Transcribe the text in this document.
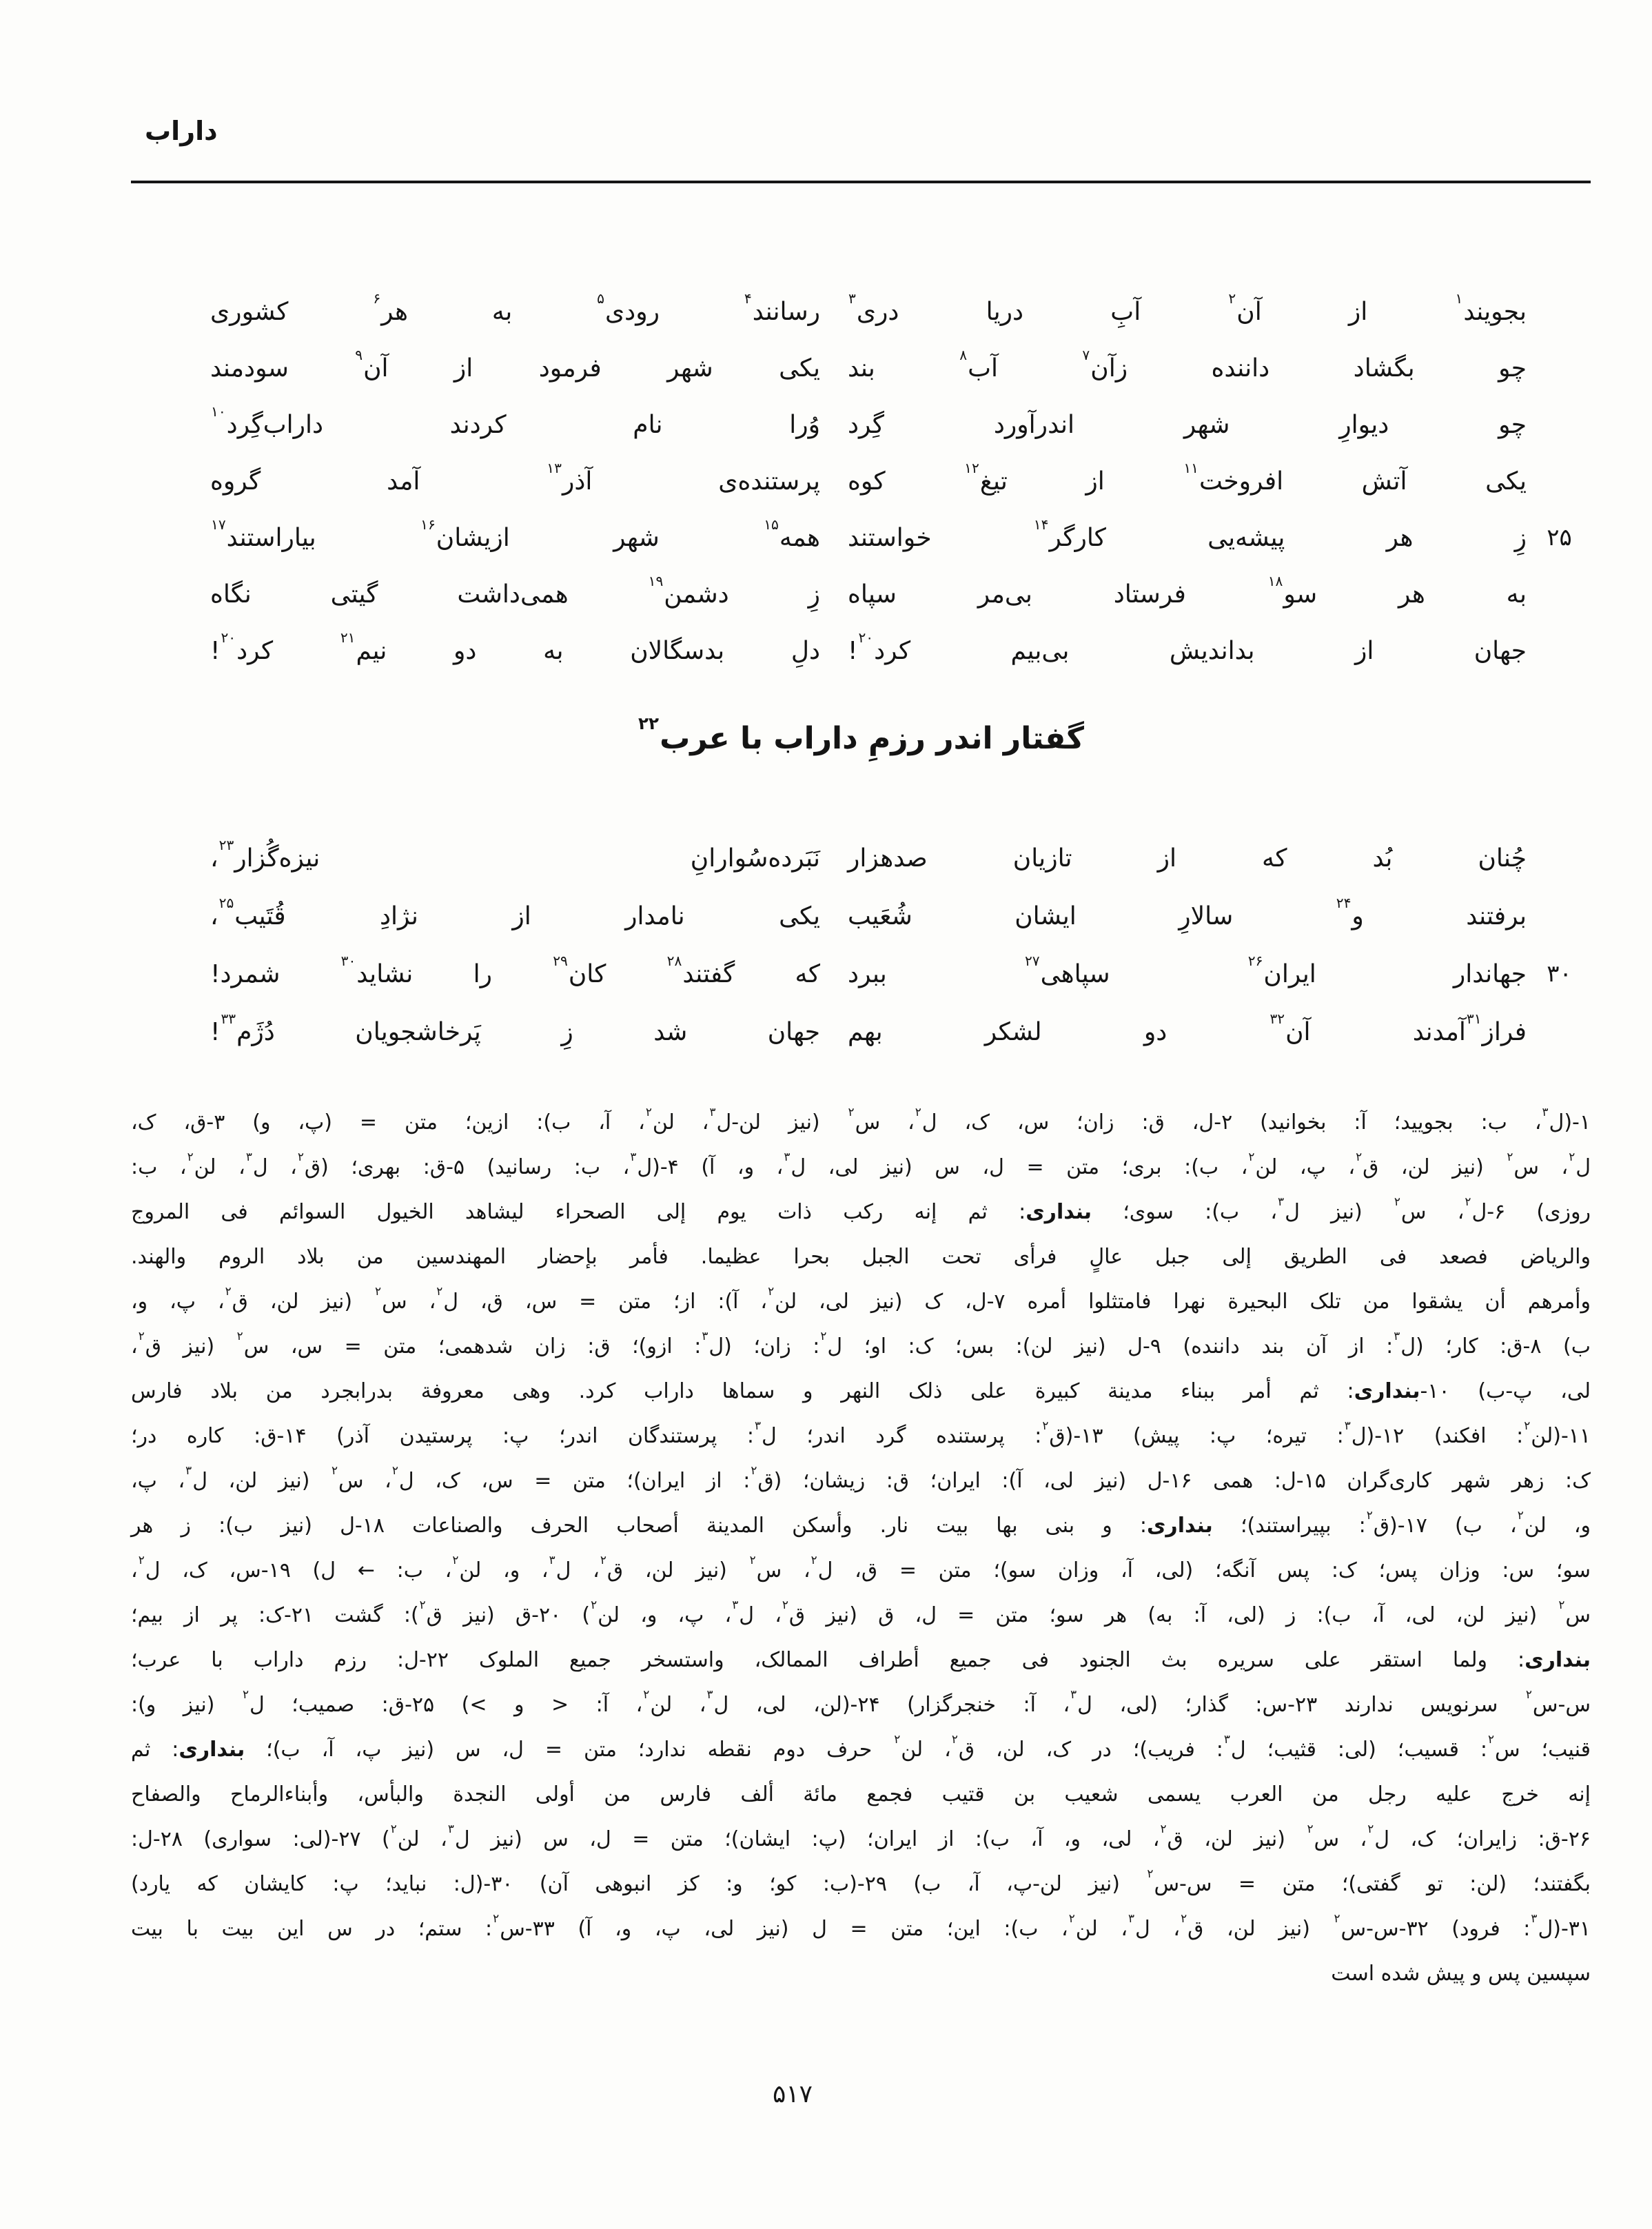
داراب
بجویند$^۱$
از
آن$^۲$
آبِ
دریا
دری$^۳$
رسانند$^۴$
رودی$^۵$
به
هر$^۶$
کشوری
چو
بگشاد
داننده
زآن$^۷$
آب$^۸$
بند
یکی
شهر
فرمود
از
آن$^۹$
سودمند
چو
دیوارِ
شهر
اندرآورد
گِرد
وُرا
نام
کردند
داراب‌گِرد$^{۱۰}$
یکی
آتش
افروخت$^{۱۱}$
از
تیغ$^{۱۲}$
کوه
پرستنده‌ی
آذر$^{۱۳}$
آمد
گروه
۲۵
زِ
هر
پیشه‌یی
کارگر$^{۱۴}$
خواستند
همه$^{۱۵}$
شهر
ازیشان$^{۱۶}$
بیاراستند$^{۱۷}$
به
هر
سو$^{۱۸}$
فرستاد
بی‌مر
سپاه
زِ
دشمن$^{۱۹}$
همی‌داشت
گیتی
نگاه
جهان
از
بداندیش
بی‌بیم
کرد$^{۲۰}$!
دلِ
بدسگالان
به
دو
نیم$^{۲۱}$
کرد$^{۲۰}$!
گفتار اندر رزمِ داراب با عرب$^{۲۲}$
چُنان
بُد
که
از
تازیان
صدهزار
نَبَرده‌سُوارانِ
نیزه‌گُزار$^{۲۳}$،
برفتند
و$^{۲۴}$
سالارِ
ایشان
شُعَیب
یکی
نامدار
از
نژادِ
قُتَیب$^{۲۵}$،
۳۰
جهاندار
ایران$^{۲۶}$
سپاهی$^{۲۷}$
ببرد
که
گفتند$^{۲۸}$
کان$^{۲۹}$
را
نشاید$^{۳۰}$
شمرد!
فراز$^{۳۱}$آمدند
آن$^{۳۲}$
دو
لشکر
بهم
جهان
شد
زِ
پَرخاشجویان
دُژَم$^{۳۳}$!
۱-(ل$^۳$، ب: بجویید؛ آ: بخوانید) ۲-ل، ق: زان؛ س، ک، ل$^۲$، س$^۲$ (نیز لن-ل$^۳$، لن$^۲$، آ، ب): ازین؛ متن = (پ، و) ۳-ق، ک،
ل$^۲$، س$^۲$ (نیز لن، ق$^۲$، پ، لن$^۲$، ب): بری؛ متن = ل، س (نیز لی، ل$^۳$، و، آ) ۴-(ل$^۳$، ب: رسانید) ۵-ق: بهری؛ (ق$^۲$، ل$^۳$، لن$^۲$، ب:
روزی) ۶-ل$^۲$، س$^۲$ (نیز ل$^۳$، ب): سوی؛ بنداری: ثم إنه رکب ذات یوم إلی الصحراء لیشاهد الخیول السوائم فی المروج
والریاض فصعد فی الطریق إلی جبل عالٍ فرأی تحت الجبل بحرا عظیما. فأمر بإحضار المهندسین من بلاد الروم والهند.
وأمرهم أن یشقوا من تلک البحیرة نهرا فامتثلوا أمره ۷-ل، ک (نیز لی، لن$^۲$، آ): از؛ متن = س، ق، ل$^۲$، س$^۲$ (نیز لن، ق$^۲$، پ، و،
ب) ۸-ق: کار؛ (ل$^۳$: از آن بند داننده) ۹-ل (نیز لن): بس؛ ک: او؛ ل$^۲$: زان؛ (ل$^۳$: ازو)؛ ق: زان شدهمی؛ متن = س، س$^۲$ (نیز ق$^۲$،
لی، پ-ب) ۱۰-بنداری: ثم أمر ببناء مدینة کبیرة علی ذلک النهر و سماها داراب کرد. وهی معروفة بدرابجرد من بلاد فارس
۱۱-(لن$^۲$: افکند) ۱۲-(ل$^۳$: تیره؛ پ: پیش) ۱۳-(ق$^۲$: پرستنده گرد اندر؛ ل$^۳$: پرستندگان اندر؛ پ: پرستیدن آذر) ۱۴-ق: کاره در؛
ک: زهر شهر کاری‌گران ۱۵-ل: همی ۱۶-ل (نیز لی، آ): ایران؛ ق: زیشان؛ (ق$^۲$: از ایران)؛ متن = س، ک، ل$^۲$، س$^۲$ (نیز لن، ل$^۳$، پ،
و، لن$^۲$، ب) ۱۷-(ق$^۲$: بپیراستند)؛ بنداری: و بنی بها بیت نار. وأسکن المدینة أصحاب الحرف والصناعات ۱۸-ل (نیز ب): ز هر
سو؛ س: وزان پس؛ ک: پس آنگه؛ (لی، آ، وزان سو)؛ متن = ق، ل$^۲$، س$^۲$ (نیز لن، ق$^۲$، ل$^۳$، و، لن$^۲$، ب: ← ل) ۱۹-س، ک، ل$^۲$،
س$^۲$ (نیز لن، لی، آ، ب): ز (لی، آ: به) هر سو؛ متن = ل، ق (نیز ق$^۲$، ل$^۳$، پ، و، لن$^۲$) ۲۰-ق (نیز ق$^۲$): گشت ۲۱-ک: پر از بیم؛
بنداری: ولما استقر علی سریره بث الجنود فی جمیع أطراف الممالک، واستسخر جمیع الملوک ۲۲-ل: رزم داراب با عرب؛
س-س$^۲$ سرنویس ندارند ۲۳-س: گذار؛ (لی، ل$^۳$، آ: خنجرگزار) ۲۴-(لن، لی، ل$^۳$، لن$^۲$، آ: < و >) ۲۵-ق: صمیب؛ ل$^۲$ (نیز و):
قنیب؛ س$^۲$: قسیب؛ (لی: قثیب؛ ل$^۳$: فریب)؛ در ک، لن، ق$^۲$، لن$^۲$ حرف دوم نقطه ندارد؛ متن = ل، س (نیز پ، آ، ب)؛ بنداری: ثم
إنه خرج علیه رجل من العرب یسمی شعیب بن قتیب فجمع مائة ألف فارس من أولی النجدة والبأس، وأبناءالرماح والصفاح
۲۶-ق: زایران؛ ک، ل$^۲$، س$^۲$ (نیز لن، ق$^۲$، لی، و، آ، ب): از ایران؛ (پ: ایشان)؛ متن = ل، س (نیز ل$^۳$، لن$^۲$) ۲۷-(لی: سواری) ۲۸-ل:
بگفتند؛ (لن: تو گفتی)؛ متن = س-س$^۲$ (نیز لن-پ، آ، ب) ۲۹-(ب: کو؛ و: کز انبوهی آن) ۳۰-(ل: نباید؛ پ: کایشان که یارد)
۳۱-(ل$^۳$: فرود) ۳۲-س-س$^۲$ (نیز لن، ق$^۲$، ل$^۳$، لن$^۲$، ب): این؛ متن = ل (نیز لی، پ، و، آ) ۳۳-س$^۲$: ستم؛ در س این بیت با بیت
سپسین پس و پیش شده است
۵۱۷
